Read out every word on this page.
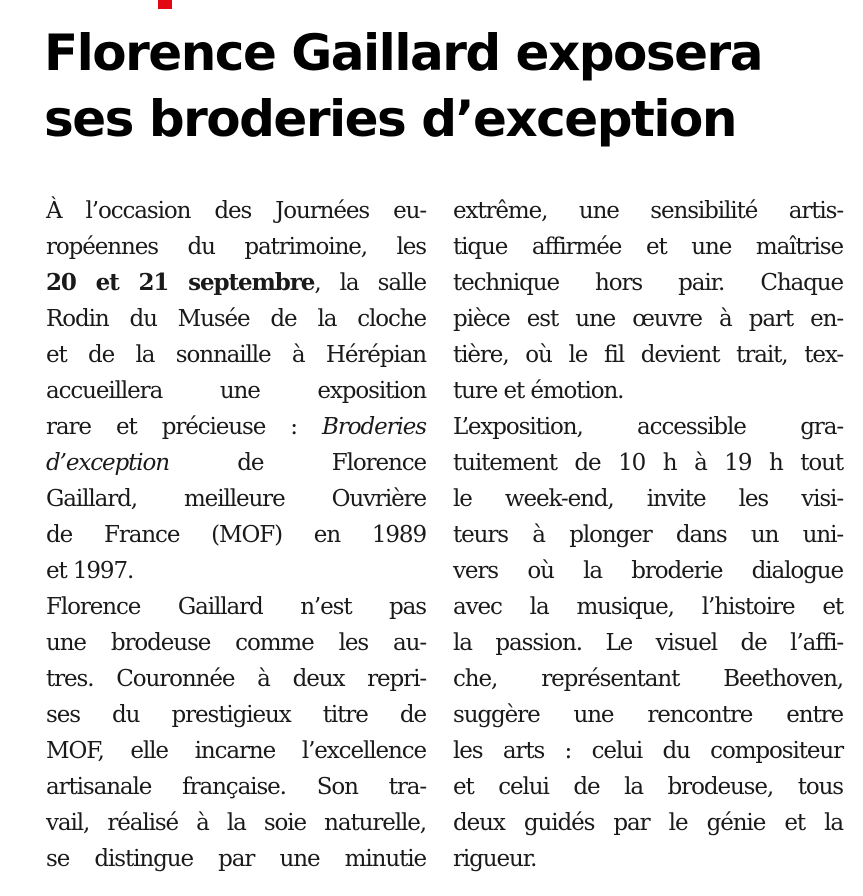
Florence Gaillard exposera
ses broderies d’exception
À l’occasion des Journées eu-
ropéennes du patrimoine, les
20 et 21 septembre, la salle
Rodin du Musée de la cloche
et de la sonnaille à Hérépian
accueillera une exposition
rare et précieuse : Broderies
d’exception de Florence
Gaillard, meilleure Ouvrière
de France (MOF) en 1989
et 1997.
Florence Gaillard n’est pas
une brodeuse comme les au-
tres. Couronnée à deux repri-
ses du prestigieux titre de
MOF, elle incarne l’excellence
artisanale française. Son tra-
vail, réalisé à la soie naturelle,
se distingue par une minutie
extrême, une sensibilité artis-
tique affirmée et une maîtrise
technique hors pair. Chaque
pièce est une œuvre à part en-
tière, où le fil devient trait, tex-
ture et émotion.
L’exposition, accessible gra-
tuitement de 10 h à 19 h tout
le week-end, invite les visi-
teurs à plonger dans un uni-
vers où la broderie dialogue
avec la musique, l’histoire et
la passion. Le visuel de l’affi-
che, représentant Beethoven,
suggère une rencontre entre
les arts : celui du compositeur
et celui de la brodeuse, tous
deux guidés par le génie et la
rigueur.
